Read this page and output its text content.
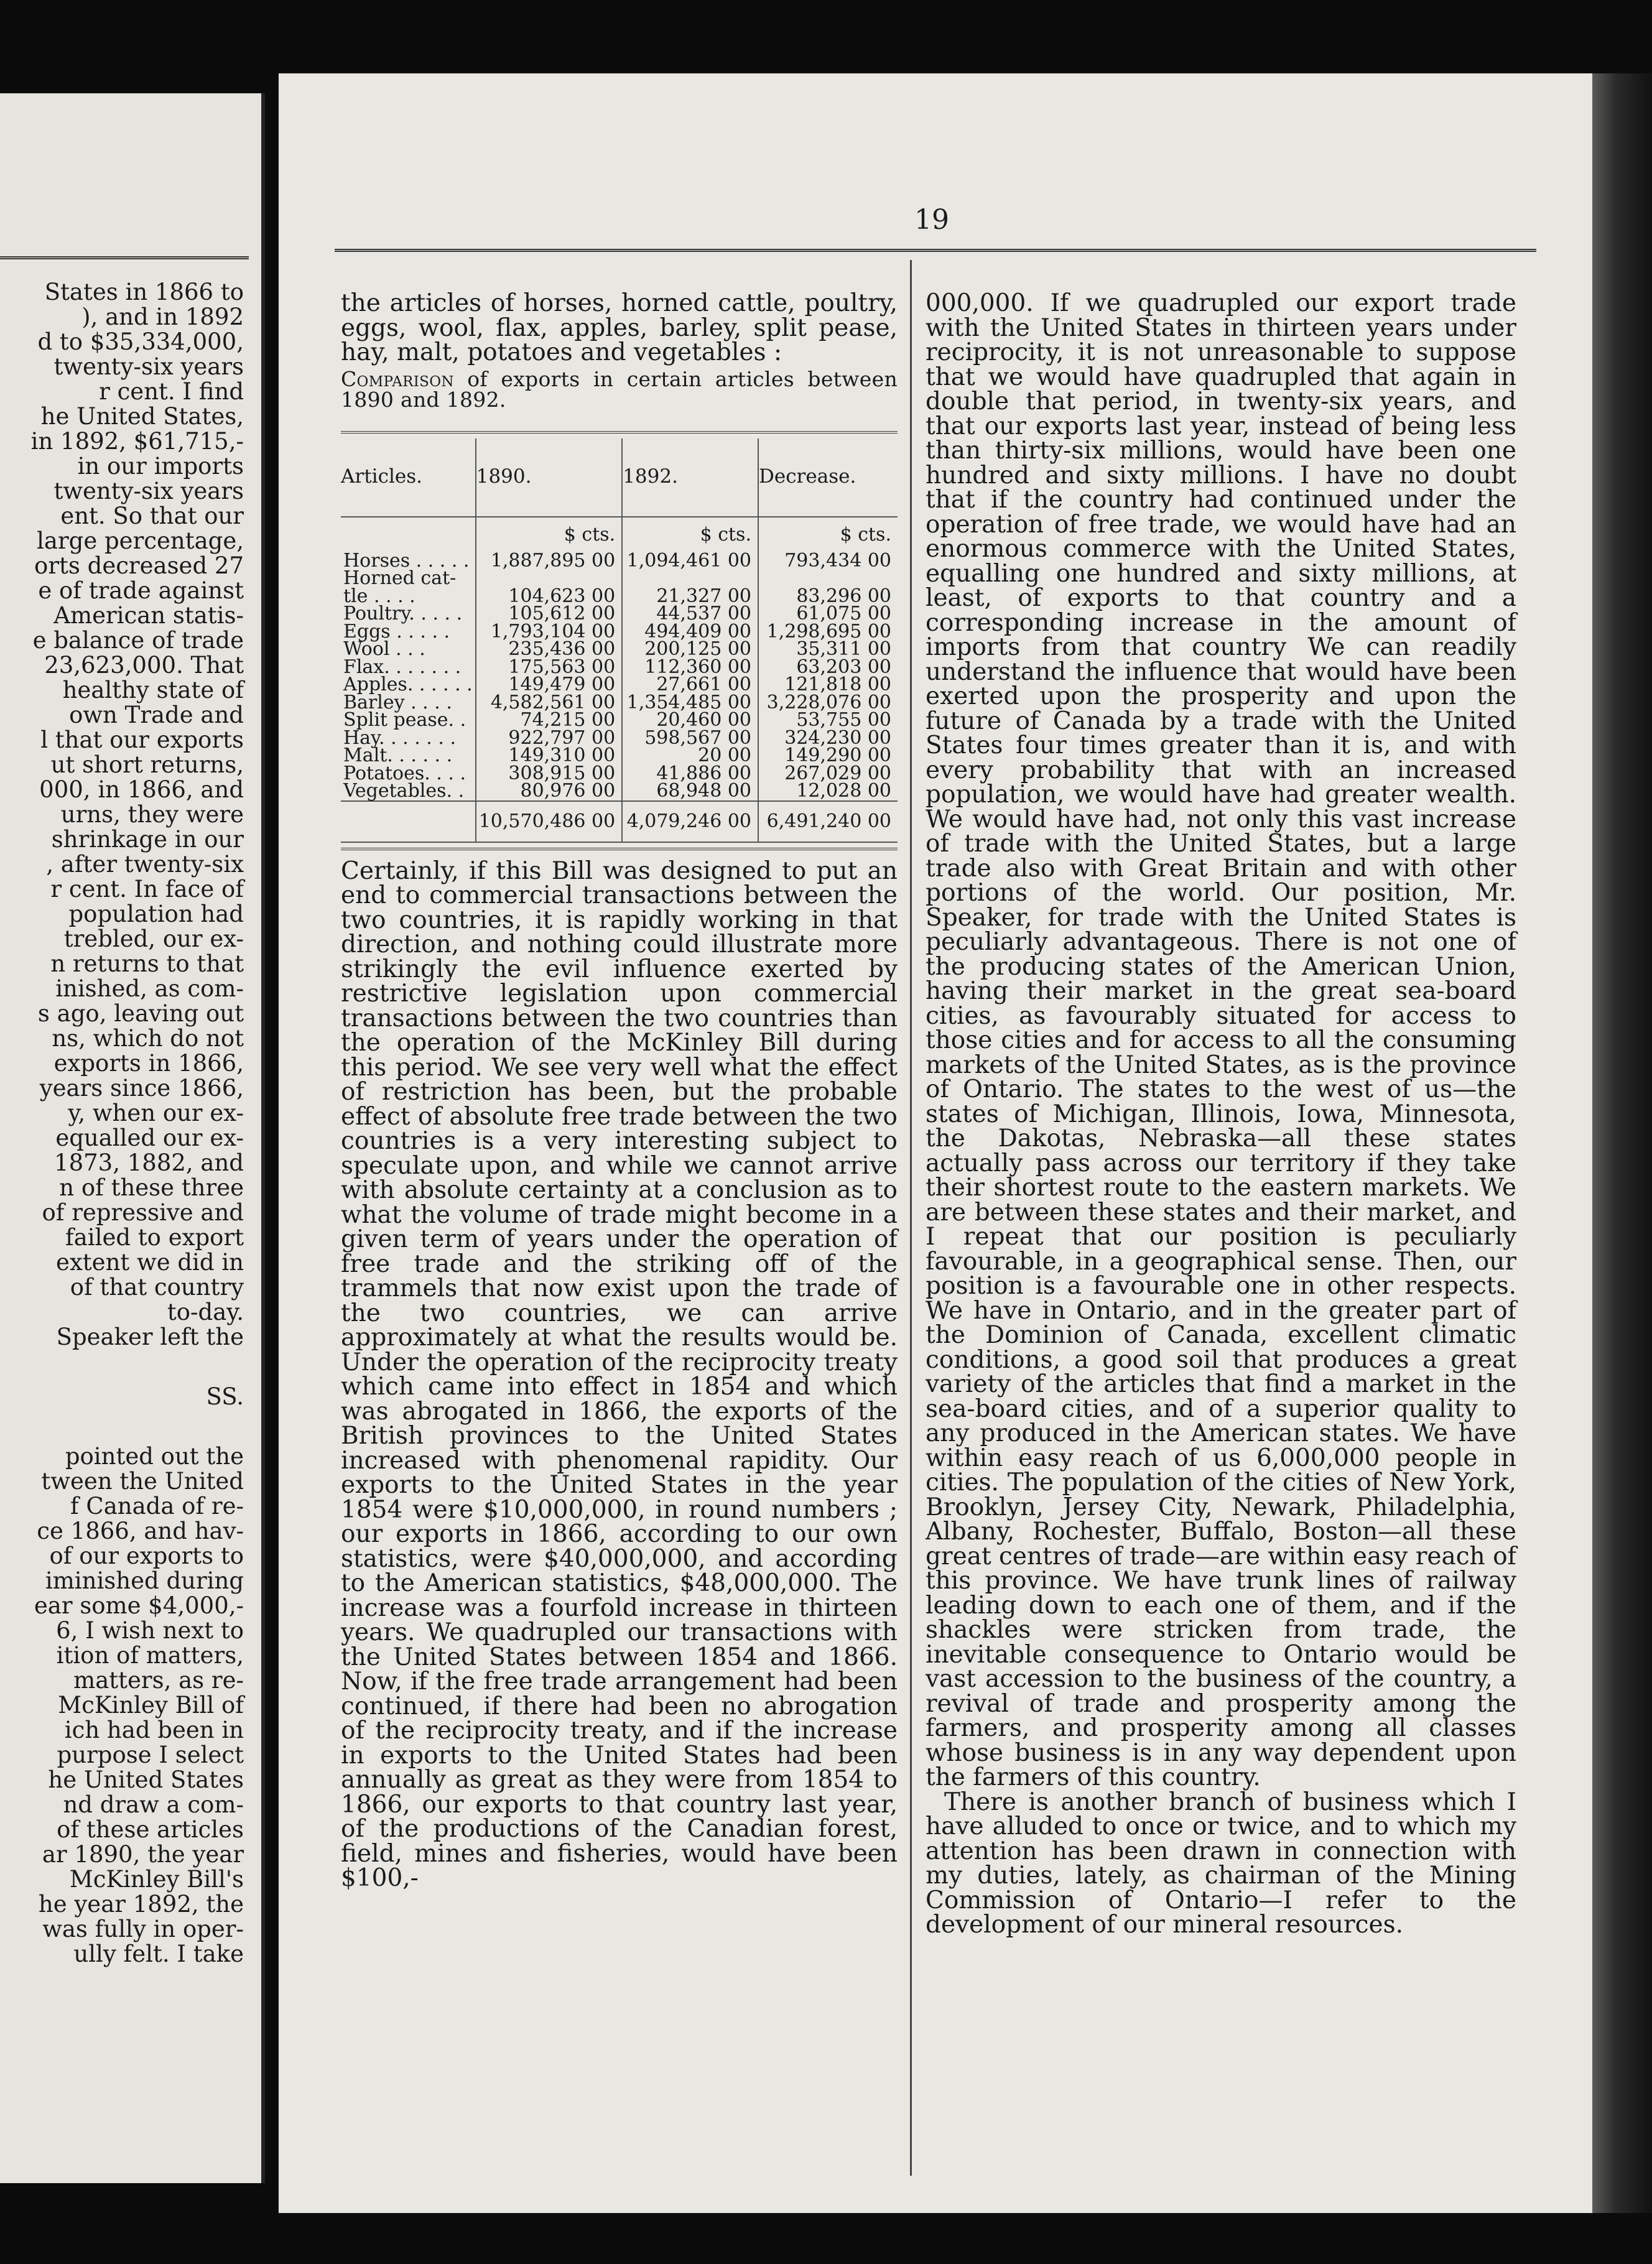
States in 1866 to
), and in 1892
d to $35,334,000,
twenty-six years
r cent. I find
he United States,
in 1892, $61,715,-
in our imports
twenty-six years
ent. So that our
large percentage,
orts decreased 27
e of trade against
American statis-
e balance of trade
23,623,000. That
healthy state of
own Trade and
l that our exports
ut short returns,
000, in 1866, and
urns, they were
shrinkage in our
, after twenty-six
r cent. In face of
population had
trebled, our ex-
n returns to that
inished, as com-
s ago, leaving out
ns, which do not
exports in 1866,
years since 1866,
y, when our ex-
equalled our ex-
1873, 1882, and
n of these three
of repressive and
failed to export
extent we did in
of that country
to-day.
Speaker left the
SS.
pointed out the
tween the United
f Canada of re-
ce 1866, and hav-
of our exports to
iminished during
ear some $4,000,-
6, I wish next to
ition of matters,
matters, as re-
McKinley Bill of
ich had been in
purpose I select
he United States
nd draw a com-
of these articles
ar 1890, the year
McKinley Bill's
he year 1892, the
was fully in oper-
ully felt. I take
19

the articles of horses, horned cattle, poultry, eggs, wool, flax, apples, barley, split pease, hay, malt, potatoes and vegetables :

Comparison of exports in certain articles between 1890 and 1892.

Articles.	1890.	1892.	Decrease.
	$ cts.	$ cts.	$ cts.
Horses . . . . .	1,887,895 00	1,094,461 00	793,434 00
Horned cat-			
tle . . . .	104,623 00	21,327 00	83,296 00
Poultry. . . . .	105,612 00	44,537 00	61,075 00
Eggs . . . . .	1,793,104 00	494,409 00	1,298,695 00
Wool . . .	235,436 00	200,125 00	35,311 00
Flax. . . . . . .	175,563 00	112,360 00	63,203 00
Apples. . . . . .	149,479 00	27,661 00	121,818 00
Barley . . . .	4,582,561 00	1,354,485 00	3,228,076 00
Split pease. .	74,215 00	20,460 00	53,755 00
Hay. . . . . . .	922,797 00	598,567 00	324,230 00
Malt. . . . . .	149,310 00	20 00	149,290 00
Potatoes. . . .	308,915 00	41,886 00	267,029 00
Vegetables. .	80,976 00	68,948 00	12,028 00
	10,570,486 00	4,079,246 00	6,491,240 00

Certainly, if this Bill was designed to put an end to commercial transactions between the two countries, it is rapidly working in that direction, and nothing could illustrate more strikingly the evil influence exerted by restrictive legislation upon commercial transactions between the two countries than the operation of the McKinley Bill during this period. We see very well what the effect of restriction has been, but the probable effect of absolute free trade between the two countries is a very interesting subject to speculate upon, and while we cannot arrive with absolute certainty at a conclusion as to what the volume of trade might become in a given term of years under the operation of free trade and the striking off of the trammels that now exist upon the trade of the two countries, we can arrive approximately at what the results would be. Under the operation of the reciprocity treaty which came into effect in 1854 and which was abrogated in 1866, the exports of the British provinces to the United States increased with phenomenal rapidity. Our exports to the United States in the year 1854 were $10,000,000, in round numbers ; our exports in 1866, according to our own statistics, were $40,000,000, and according to the American statistics, $48,000,000. The increase was a fourfold increase in thirteen years. We quadrupled our transactions with the United States between 1854 and 1866. Now, if the free trade arrangement had been continued, if there had been no abrogation of the reciprocity treaty, and if the increase in exports to the United States had been annually as great as they were from 1854 to 1866, our exports to that country last year, of the productions of the Canadian forest, field, mines and fisheries, would have been $100,-

000,000. If we quadrupled our export trade with the United States in thirteen years under reciprocity, it is not unreasonable to suppose that we would have quadrupled that again in double that period, in twenty-six years, and that our exports last year, instead of being less than thirty-six millions, would have been one hundred and sixty millions. I have no doubt that if the country had continued under the operation of free trade, we would have had an enormous commerce with the United States, equalling one hundred and sixty millions, at least, of exports to that country and a corresponding increase in the amount of imports from that country We can readily understand the influence that would have been exerted upon the prosperity and upon the future of Canada by a trade with the United States four times greater than it is, and with every probability that with an increased population, we would have had greater wealth. We would have had, not only this vast increase of trade with the United States, but a large trade also with Great Britain and with other portions of the world. Our position, Mr. Speaker, for trade with the United States is peculiarly advantageous. There is not one of the producing states of the American Union, having their market in the great sea-board cities, as favourably situated for access to those cities and for access to all the consuming markets of the United States, as is the province of Ontario. The states to the west of us—the states of Michigan, Illinois, Iowa, Minnesota, the Dakotas, Nebraska—all these states actually pass across our territory if they take their shortest route to the eastern markets. We are between these states and their market, and I repeat that our position is peculiarly favourable, in a geographical sense. Then, our position is a favourable one in other respects. We have in Ontario, and in the greater part of the Dominion of Canada, excellent climatic conditions, a good soil that produces a great variety of the articles that find a market in the sea-board cities, and of a superior quality to any produced in the American states. We have within easy reach of us 6,000,000 people in cities. The population of the cities of New York, Brooklyn, Jersey City, Newark, Philadelphia, Albany, Rochester, Buffalo, Boston—all these great centres of trade—are within easy reach of this province. We have trunk lines of railway leading down to each one of them, and if the shackles were stricken from trade, the inevitable consequence to Ontario would be vast accession to the business of the country, a revival of trade and prosperity among the farmers, and prosperity among all classes whose business is in any way dependent upon the farmers of this country.

There is another branch of business which I have alluded to once or twice, and to which my attention has been drawn in connection with my duties, lately, as chairman of the Mining Commission of Ontario—I refer to the development of our mineral resources.
